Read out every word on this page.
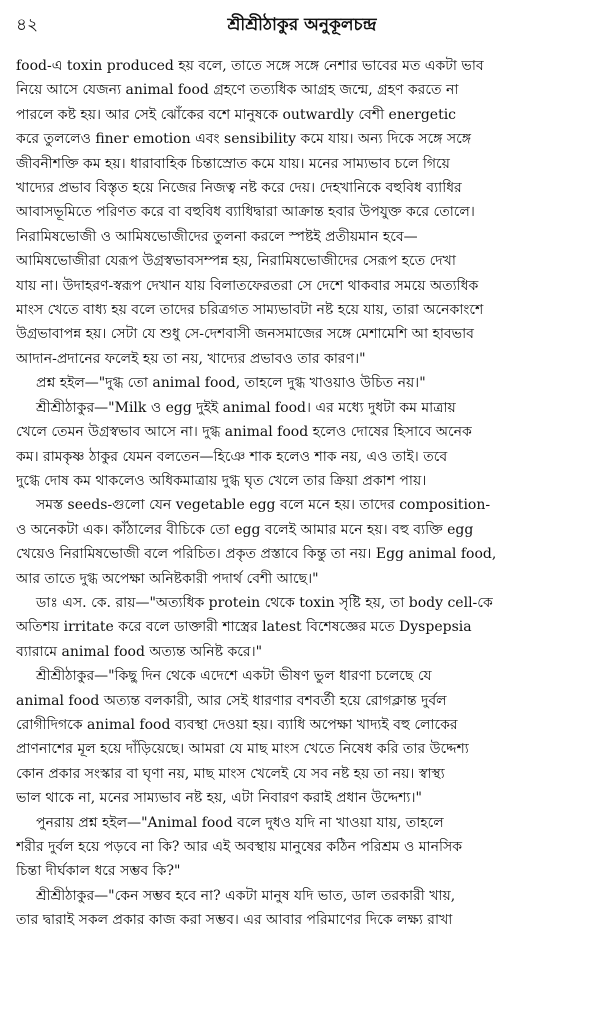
৪২	শ্রীশ্রীঠাকুর অনুকূলচন্দ্র
food-এ toxin produced হয় বলে, তাতে সঙ্গে সঙ্গে নেশার ভাবের মত একটা ভাব
নিয়ে আসে যেজন্য animal food গ্রহণে তত্যধিক আগ্রহ জন্মে, গ্রহণ করতে না
পারলে কষ্ট হয়। আর সেই ঝোঁকের বশে মানুষকে outwardly বেশী energetic
করে তুললেও finer emotion এবং sensibility কমে যায়। অন্য দিকে সঙ্গে সঙ্গে
জীবনীশক্তি কম হয়। ধারাবাহিক চিন্তাস্রোত কমে যায়। মনের সাম্যভাব চলে গিয়ে
খাদ্যের প্রভাব বিস্তৃত হয়ে নিজের নিজত্ব নষ্ট করে দেয়। দেহখানিকে বহুবিধ ব্যাধির
আবাসভূমিতে পরিণত করে বা বহুবিধ ব্যাধিদ্বারা আক্রান্ত হবার উপযুক্ত করে তোলে।
নিরামিষভোজী ও আমিষভোজীদের তুলনা করলে স্পষ্টই প্রতীয়মান হবে—
আমিষভোজীরা যেরূপ উগ্রস্বভাবসম্পন্ন হয়, নিরামিষভোজীদের সেরূপ হতে দেখা
যায় না। উদাহরণ-স্বরূপ দেখান যায় বিলাতফেরতরা সে দেশে থাকবার সময়ে অত্যধিক
মাংস খেতে বাধ্য হয় বলে তাদের চরিত্রগত সাম্যভাবটা নষ্ট হয়ে যায়, তারা অনেকাংশে
উগ্রভাবাপন্ন হয়। সেটা যে শুধু সে-দেশবাসী জনসমাজের সঙ্গে মেশামেশি আ হাবভাব
আদান-প্রদানের ফলেই হয় তা নয়, খাদ্যের প্রভাবও তার কারণ।"
প্রশ্ন হইল—"দুগ্ধ তো animal food, তাহলে দুগ্ধ খাওয়াও উচিত নয়।"
শ্রীশ্রীঠাকুর—"Milk ও egg দুইই animal food। এর মধ্যে দুধটা কম মাত্রায়
খেলে তেমন উগ্রস্বভাব আসে না। দুগ্ধ animal food হলেও দোষের হিসাবে অনেক
কম। রামকৃষ্ণ ঠাকুর যেমন বলতেন—হিঞে শাক হলেও শাক নয়, এও তাই। তবে
দুগ্ধে দোষ কম থাকলেও অধিকমাত্রায় দুগ্ধ ঘৃত খেলে তার ক্রিয়া প্রকাশ পায়।
সমস্ত seeds-গুলো যেন vegetable egg বলে মনে হয়। তাদের composition-
ও অনেকটা এক। কাঁঠালের বীচিকে তো egg বলেই আমার মনে হয়। বহু ব্যক্তি egg
খেয়েও নিরামিষভোজী বলে পরিচিত। প্রকৃত প্রস্তাবে কিন্তু তা নয়। Egg animal food,
আর তাতে দুগ্ধ অপেক্ষা অনিষ্টকারী পদার্থ বেশী আছে।"
ডাঃ এস. কে. রায়—"অত্যধিক protein থেকে toxin সৃষ্টি হয়, তা body cell-কে
অতিশয় irritate করে বলে ডাক্তারী শাস্ত্রের latest বিশেষজ্ঞের মতে Dyspepsia
ব্যারামে animal food অত্যন্ত অনিষ্ট করে।"
শ্রীশ্রীঠাকুর—"কিছু দিন থেকে এদেশে একটা ভীষণ ভুল ধারণা চলেছে যে
animal food অত্যন্ত বলকারী, আর সেই ধারণার বশবর্তী হয়ে রোগক্লান্ত দুর্বল
রোগীদিগকে animal food ব্যবস্থা দেওয়া হয়। ব্যাধি অপেক্ষা খাদ্যই বহু লোকের
প্রাণনাশের মূল হয়ে দাঁড়িয়েছে। আমরা যে মাছ মাংস খেতে নিষেধ করি তার উদ্দেশ্য
কোন প্রকার সংস্কার বা ঘৃণা নয়, মাছ মাংস খেলেই যে সব নষ্ট হয় তা নয়। স্বাস্থ্য
ভাল থাকে না, মনের সাম্যভাব নষ্ট হয়, এটা নিবারণ করাই প্রধান উদ্দেশ্য।"
পুনরায় প্রশ্ন হইল—"Animal food বলে দুধও যদি না খাওয়া যায়, তাহলে
শরীর দুর্বল হয়ে পড়বে না কি? আর এই অবস্থায় মানুষের কঠিন পরিশ্রম ও মানসিক
চিন্তা দীর্ঘকাল ধরে সম্ভব কি?"
শ্রীশ্রীঠাকুর—"কেন সম্ভব হবে না? একটা মানুষ যদি ভাত, ডাল তরকারী খায়,
তার দ্বারাই সকল প্রকার কাজ করা সম্ভব। এর আবার পরিমাণের দিকে লক্ষ্য রাখা
